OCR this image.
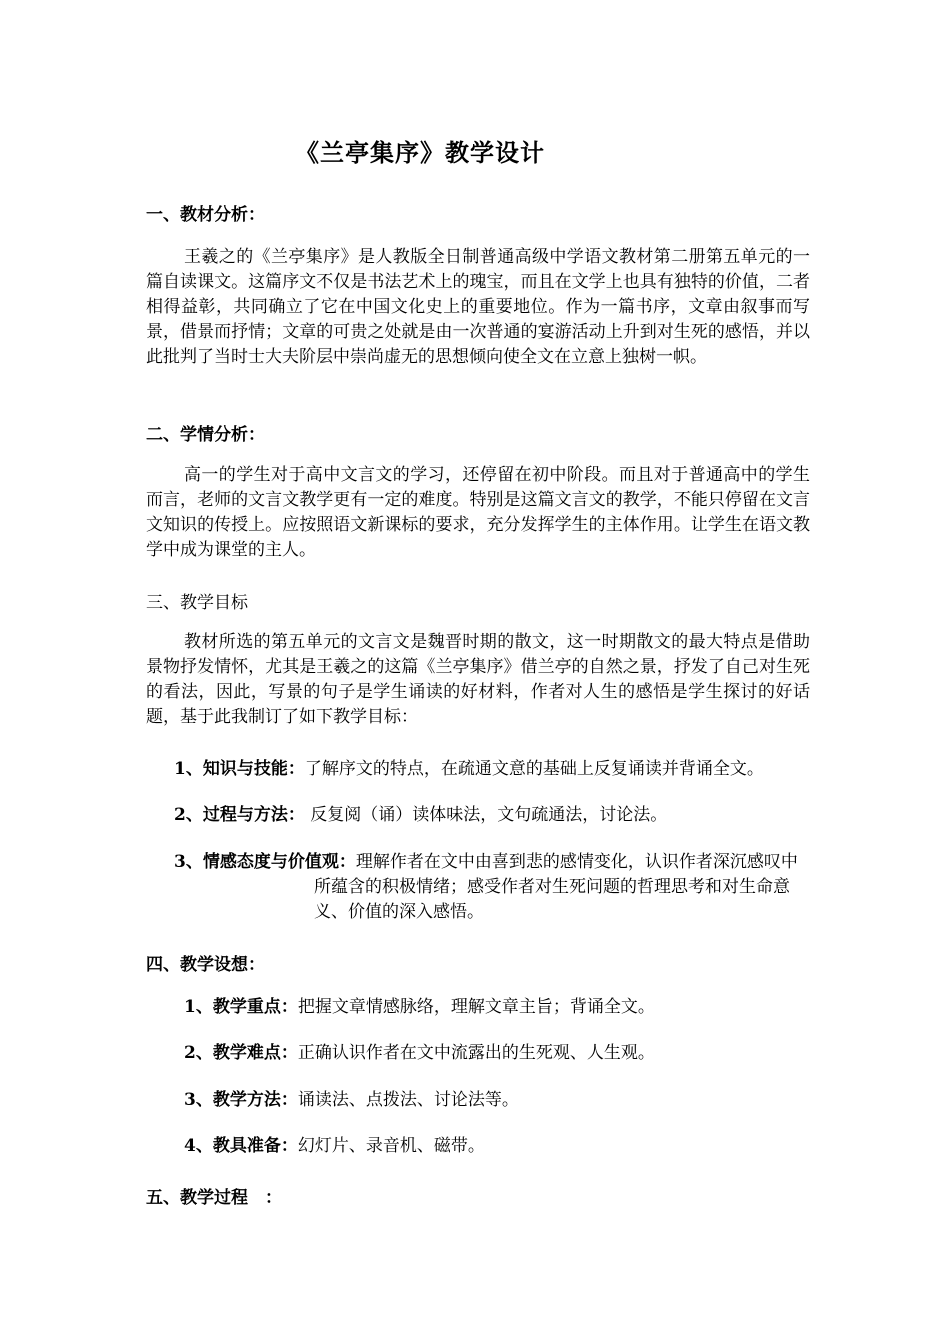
《兰亭集序》教学设计
一、教材分析：
王羲之的《兰亭集序》是人教版全日制普通高级中学语文教材第二册第五单元的一篇自读课文。这篇序文不仅是书法艺术上的瑰宝，而且在文学上也具有独特的价值，二者相得益彰，共同确立了它在中国文化史上的重要地位。作为一篇书序，文章由叙事而写景，借景而抒情；文章的可贵之处就是由一次普通的宴游活动上升到对生死的感悟，并以此批判了当时士大夫阶层中崇尚虚无的思想倾向使全文在立意上独树一帜。
二、学情分析：
高一的学生对于高中文言文的学习，还停留在初中阶段。而且对于普通高中的学生而言，老师的文言文教学更有一定的难度。特别是这篇文言文的教学，不能只停留在文言文知识的传授上。应按照语文新课标的要求，充分发挥学生的主体作用。让学生在语文教学中成为课堂的主人。
三、教学目标
教材所选的第五单元的文言文是魏晋时期的散文，这一时期散文的最大特点是借助景物抒发情怀，尤其是王羲之的这篇《兰亭集序》借兰亭的自然之景，抒发了自己对生死的看法，因此，写景的句子是学生诵读的好材料，作者对人生的感悟是学生探讨的好话题，基于此我制订了如下教学目标：
1、知识与技能：了解序文的特点，在疏通文意的基础上反复诵读并背诵全文。
2、过程与方法： 反复阅（诵）读体味法，文句疏通法，讨论法。
3、情感态度与价值观：理解作者在文中由喜到悲的感情变化，认识作者深沉感叹中所蕴含的积极情绪；感受作者对生死问题的哲理思考和对生命意义、价值的深入感悟。
四、教学设想：
1、教学重点：把握文章情感脉络，理解文章主旨；背诵全文。
2、教学难点：正确认识作者在文中流露出的生死观、人生观。
3、教学方法：诵读法、点拨法、讨论法等。
4、教具准备：幻灯片、录音机、磁带。
五、教学过程　：
